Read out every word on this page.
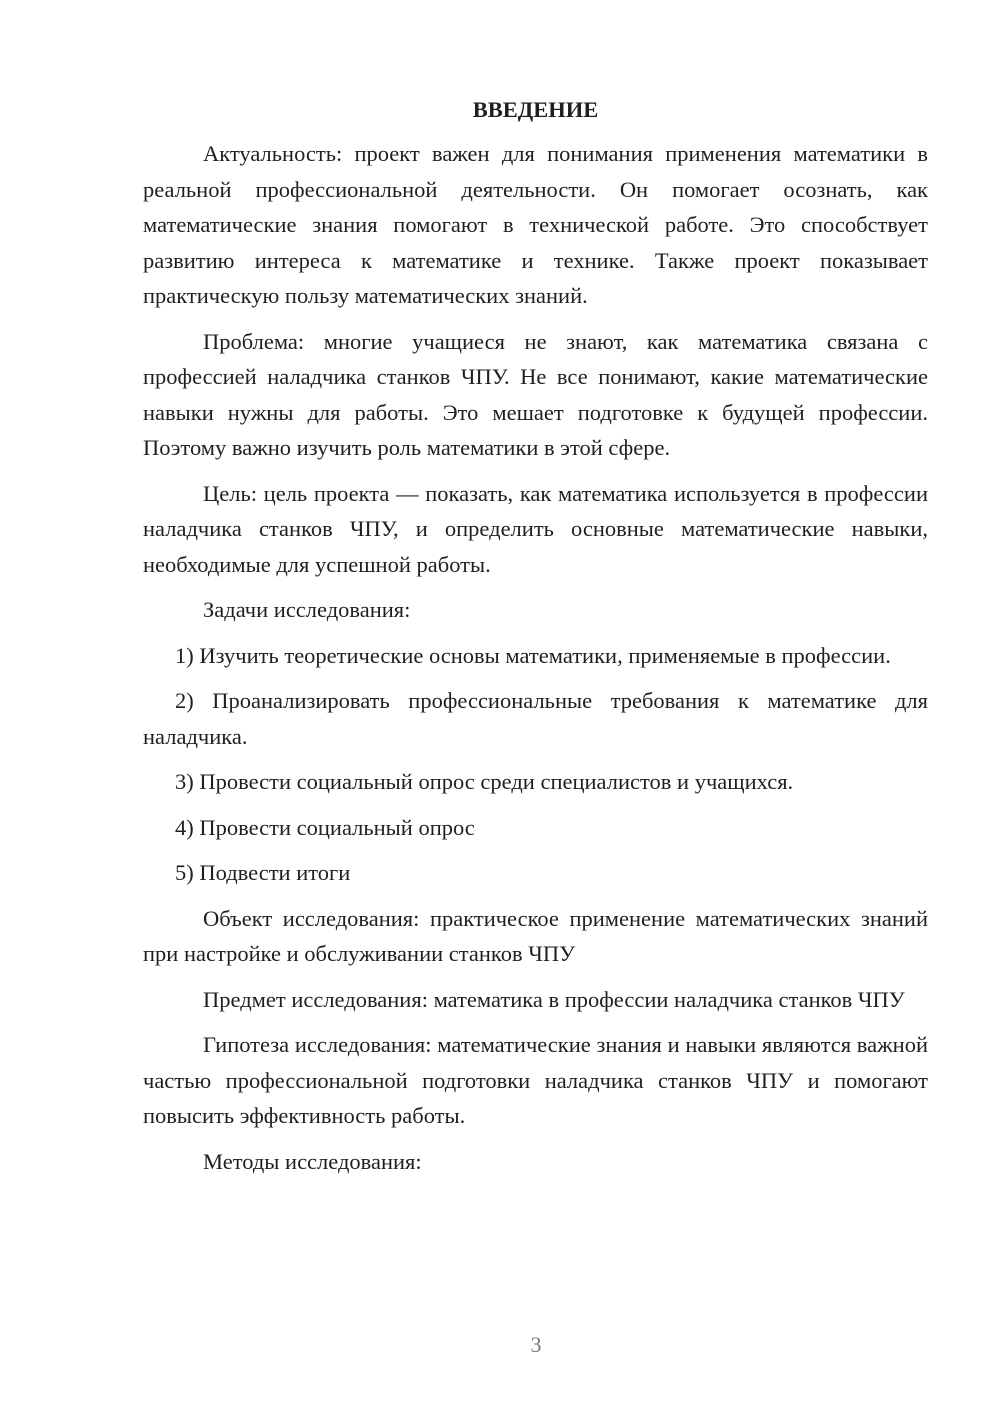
ВВЕДЕНИЕ

Актуальность: проект важен для понимания применения математики в реальной профессиональной деятельности. Он помогает осознать, как математические знания помогают в технической работе. Это способствует развитию интереса к математике и технике. Также проект показывает практическую пользу математических знаний.

Проблема: многие учащиеся не знают, как математика связана с профессией наладчика станков ЧПУ. Не все понимают, какие математические навыки нужны для работы. Это мешает подготовке к будущей профессии. Поэтому важно изучить роль математики в этой сфере.

Цель: цель проекта — показать, как математика используется в профессии наладчика станков ЧПУ, и определить основные математические навыки, необходимые для успешной работы.

Задачи исследования:

1) Изучить теоретические основы математики, применяемые в профессии.

2) Проанализировать профессиональные требования к математике для наладчика.

3) Провести социальный опрос среди специалистов и учащихся.

4) Провести социальный опрос

5) Подвести итоги

Объект исследования: практическое применение математических знаний при настройке и обслуживании станков ЧПУ

Предмет исследования: математика в профессии наладчика станков ЧПУ

Гипотеза исследования: математические знания и навыки являются важной частью профессиональной подготовки наладчика станков ЧПУ и помогают повысить эффективность работы.

Методы исследования:

3
